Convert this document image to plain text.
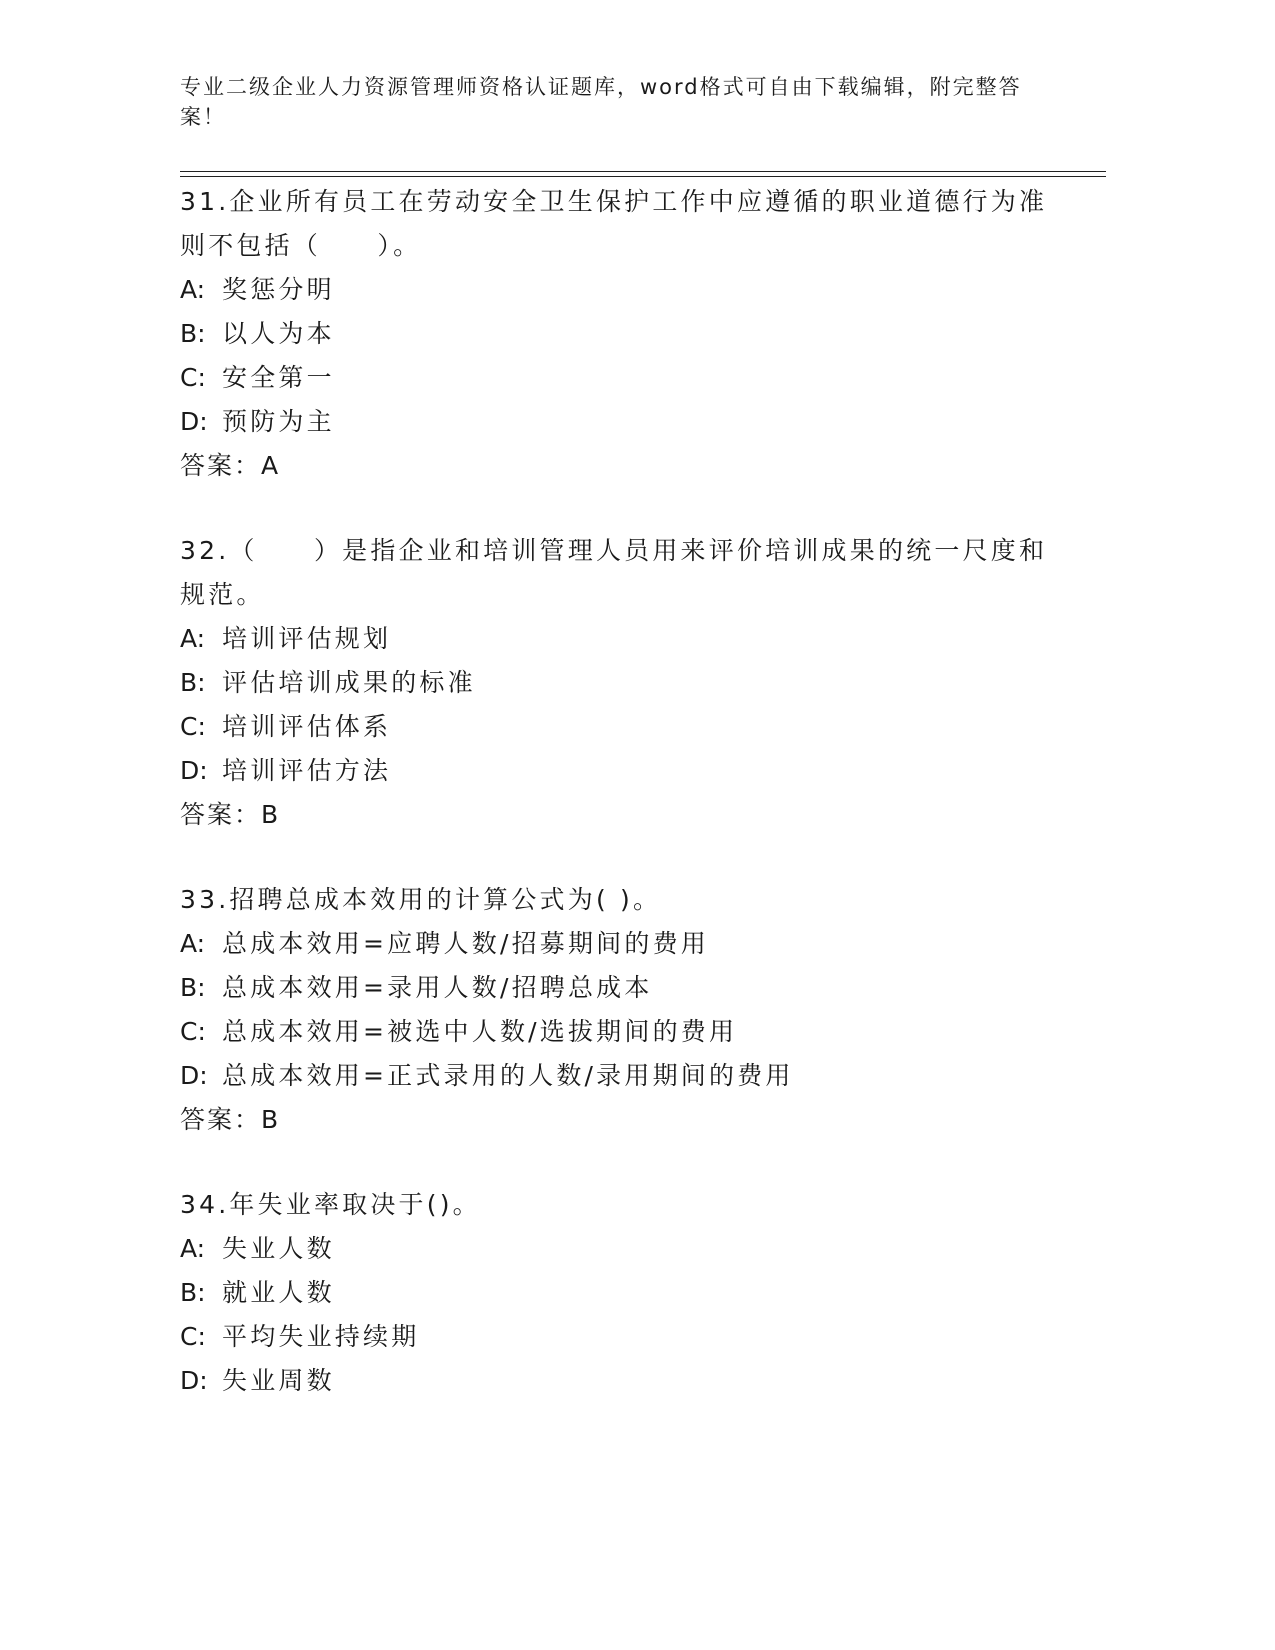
专业二级企业人力资源管理师资格认证题库，word格式可自由下载编辑，附完整答案！

31.企业所有员工在劳动安全卫生保护工作中应遵循的职业道德行为准则不包括（　　）。

A: 奖惩分明

B: 以人为本

C: 安全第一

D: 预防为主

答案：A

32.（　　）是指企业和培训管理人员用来评价培训成果的统一尺度和规范。

A: 培训评估规划

B: 评估培训成果的标准

C: 培训评估体系

D: 培训评估方法

答案：B

33.招聘总成本效用的计算公式为( )。

A: 总成本效用=应聘人数/招募期间的费用

B: 总成本效用=录用人数/招聘总成本

C: 总成本效用=被选中人数/选拔期间的费用

D: 总成本效用=正式录用的人数/录用期间的费用

答案：B

34.年失业率取决于()。

A: 失业人数

B: 就业人数

C: 平均失业持续期

D: 失业周数
